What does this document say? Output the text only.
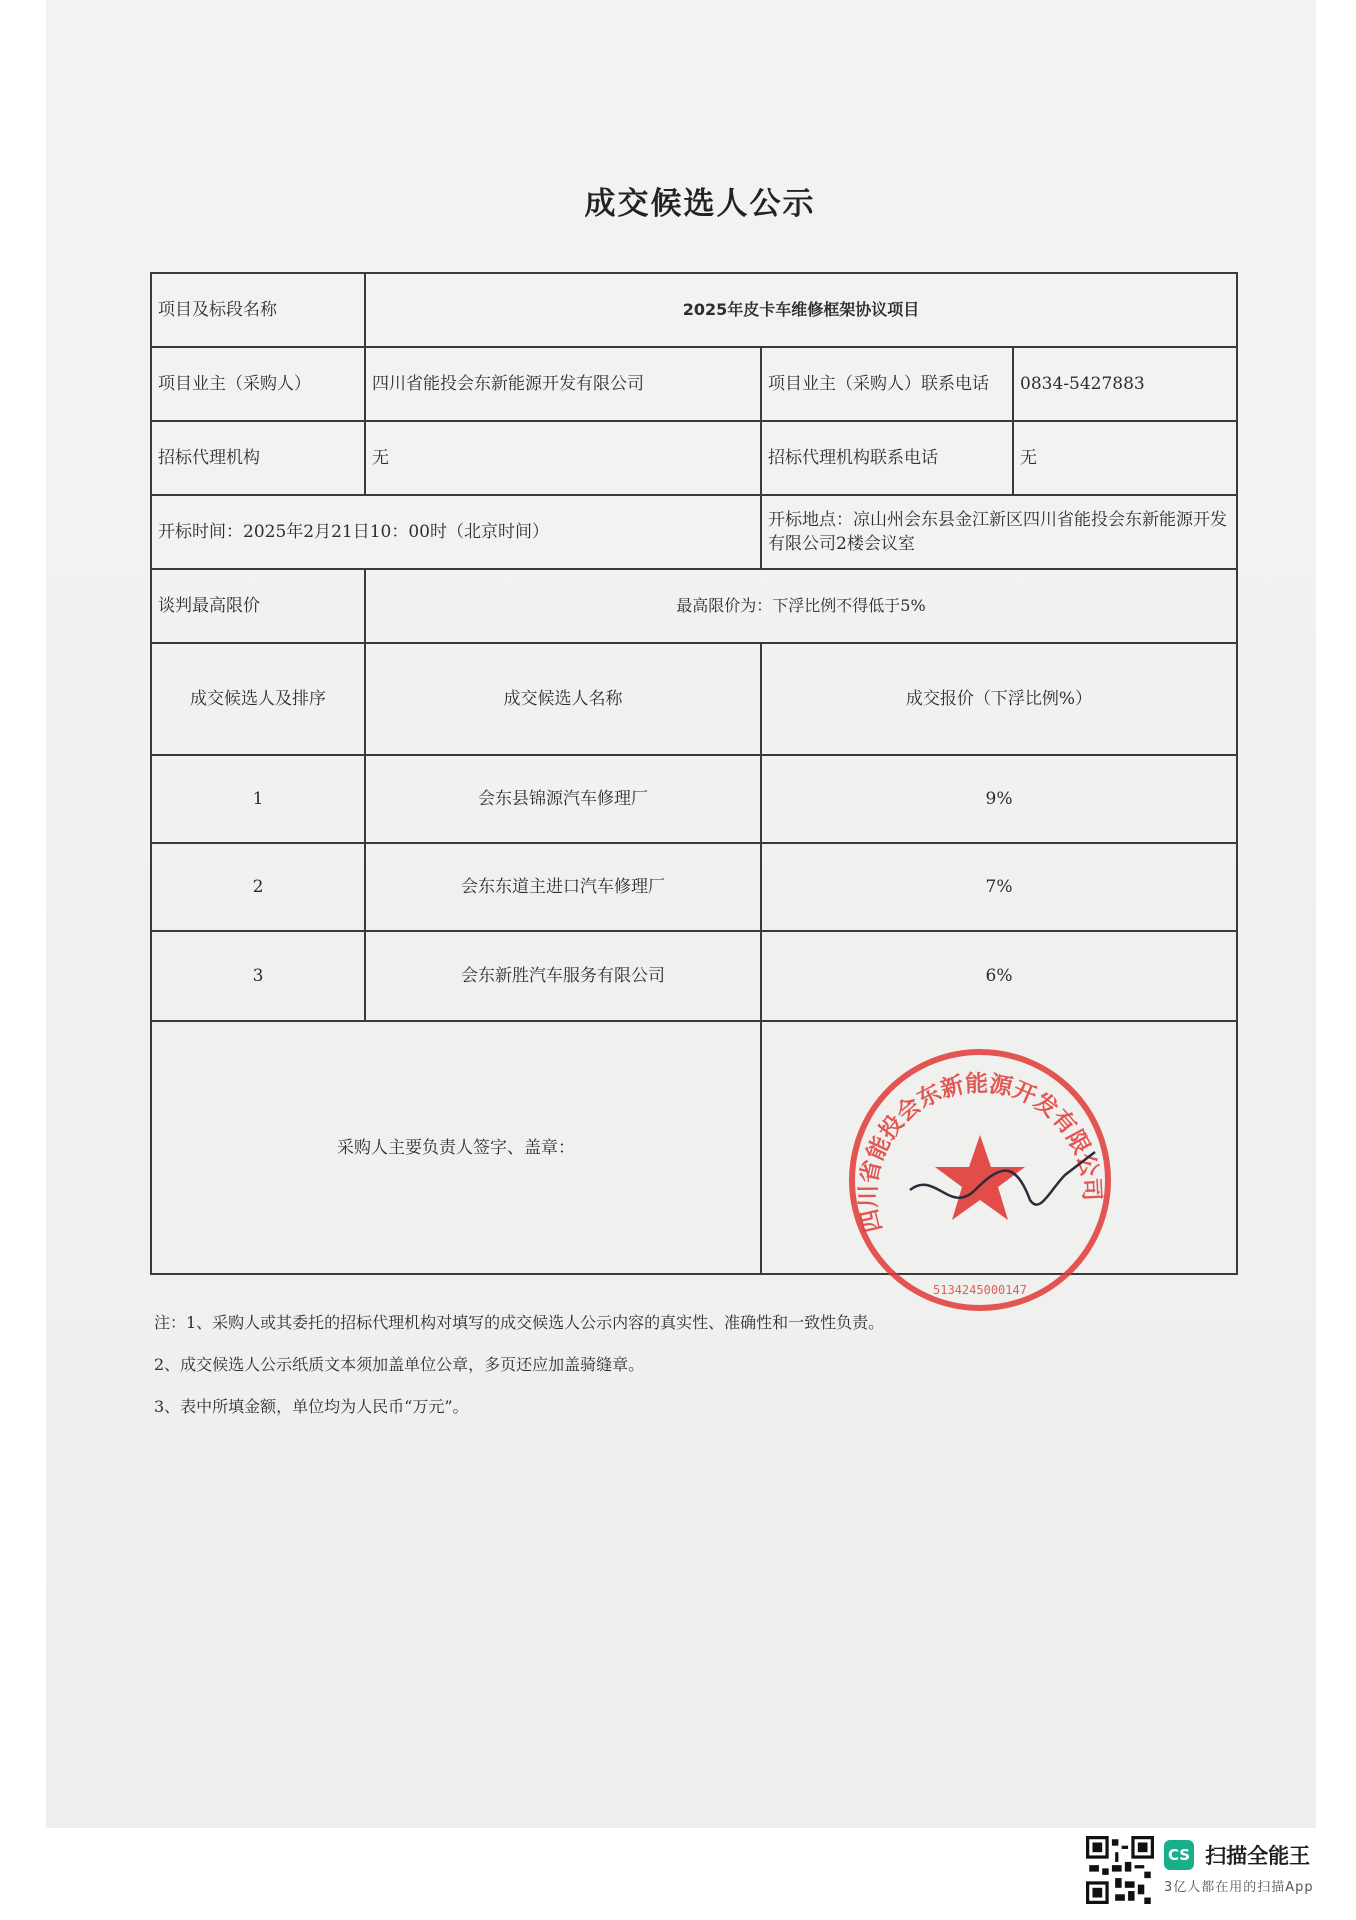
成交候选人公示
项目及标段名称	2025年皮卡车维修框架协议项目
项目业主（采购人）	四川省能投会东新能源开发有限公司	项目业主（采购人）联系电话	0834-5427883
招标代理机构	无	招标代理机构联系电话	无
开标时间：2025年2月21日10：00时（北京时间）
开标地点：凉山州会东县金江新区四川省能投会东新能源开发有限公司2楼会议室
谈判最高限价	最高限价为：下浮比例不得低于5%
成交候选人及排序	成交候选人名称	成交报价（下浮比例%）
1	会东县锦源汽车修理厂	9%
2	会东东道主进口汽车修理厂	7%
3	会东新胜汽车服务有限公司	6%
采购人主要负责人签字、盖章：
四川省能投会东新能源开发有限公司
5134245000147
注：1、采购人或其委托的招标代理机构对填写的成交候选人公示内容的真实性、准确性和一致性负责。
2、成交候选人公示纸质文本须加盖单位公章，多页还应加盖骑缝章。
3、表中所填金额，单位均为人民币“万元”。
CS 扫描全能王
3亿人都在用的扫描App
